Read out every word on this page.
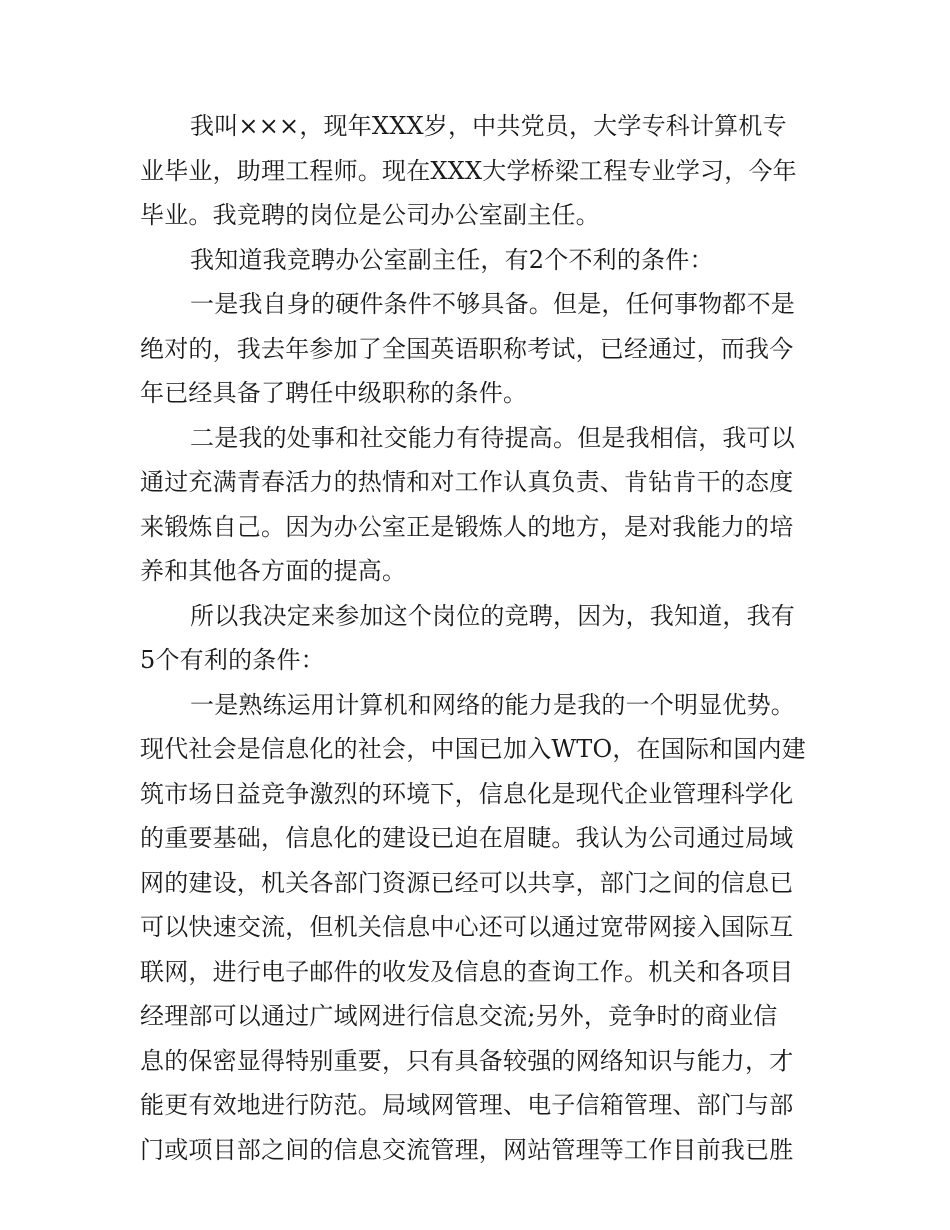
我叫×××，现年XXX岁，中共党员，大学专科计算机专
业毕业，助理工程师。现在XXX大学桥梁工程专业学习，今年
毕业。我竞聘的岗位是公司办公室副主任。
我知道我竞聘办公室副主任，有2个不利的条件：
一是我自身的硬件条件不够具备。但是，任何事物都不是
绝对的，我去年参加了全国英语职称考试，已经通过，而我今
年已经具备了聘任中级职称的条件。
二是我的处事和社交能力有待提高。但是我相信，我可以
通过充满青春活力的热情和对工作认真负责、肯钻肯干的态度
来锻炼自己。因为办公室正是锻炼人的地方，是对我能力的培
养和其他各方面的提高。
所以我决定来参加这个岗位的竞聘，因为，我知道，我有
5个有利的条件：
一是熟练运用计算机和网络的能力是我的一个明显优势。
现代社会是信息化的社会，中国已加入WTO，在国际和国内建
筑市场日益竞争激烈的环境下，信息化是现代企业管理科学化
的重要基础，信息化的建设已迫在眉睫。我认为公司通过局域
网的建设，机关各部门资源已经可以共享，部门之间的信息已
可以快速交流，但机关信息中心还可以通过宽带网接入国际互
联网，进行电子邮件的收发及信息的查询工作。机关和各项目
经理部可以通过广域网进行信息交流;另外，竞争时的商业信
息的保密显得特别重要，只有具备较强的网络知识与能力，才
能更有效地进行防范。局域网管理、电子信箱管理、部门与部
门或项目部之间的信息交流管理，网站管理等工作目前我已胜
